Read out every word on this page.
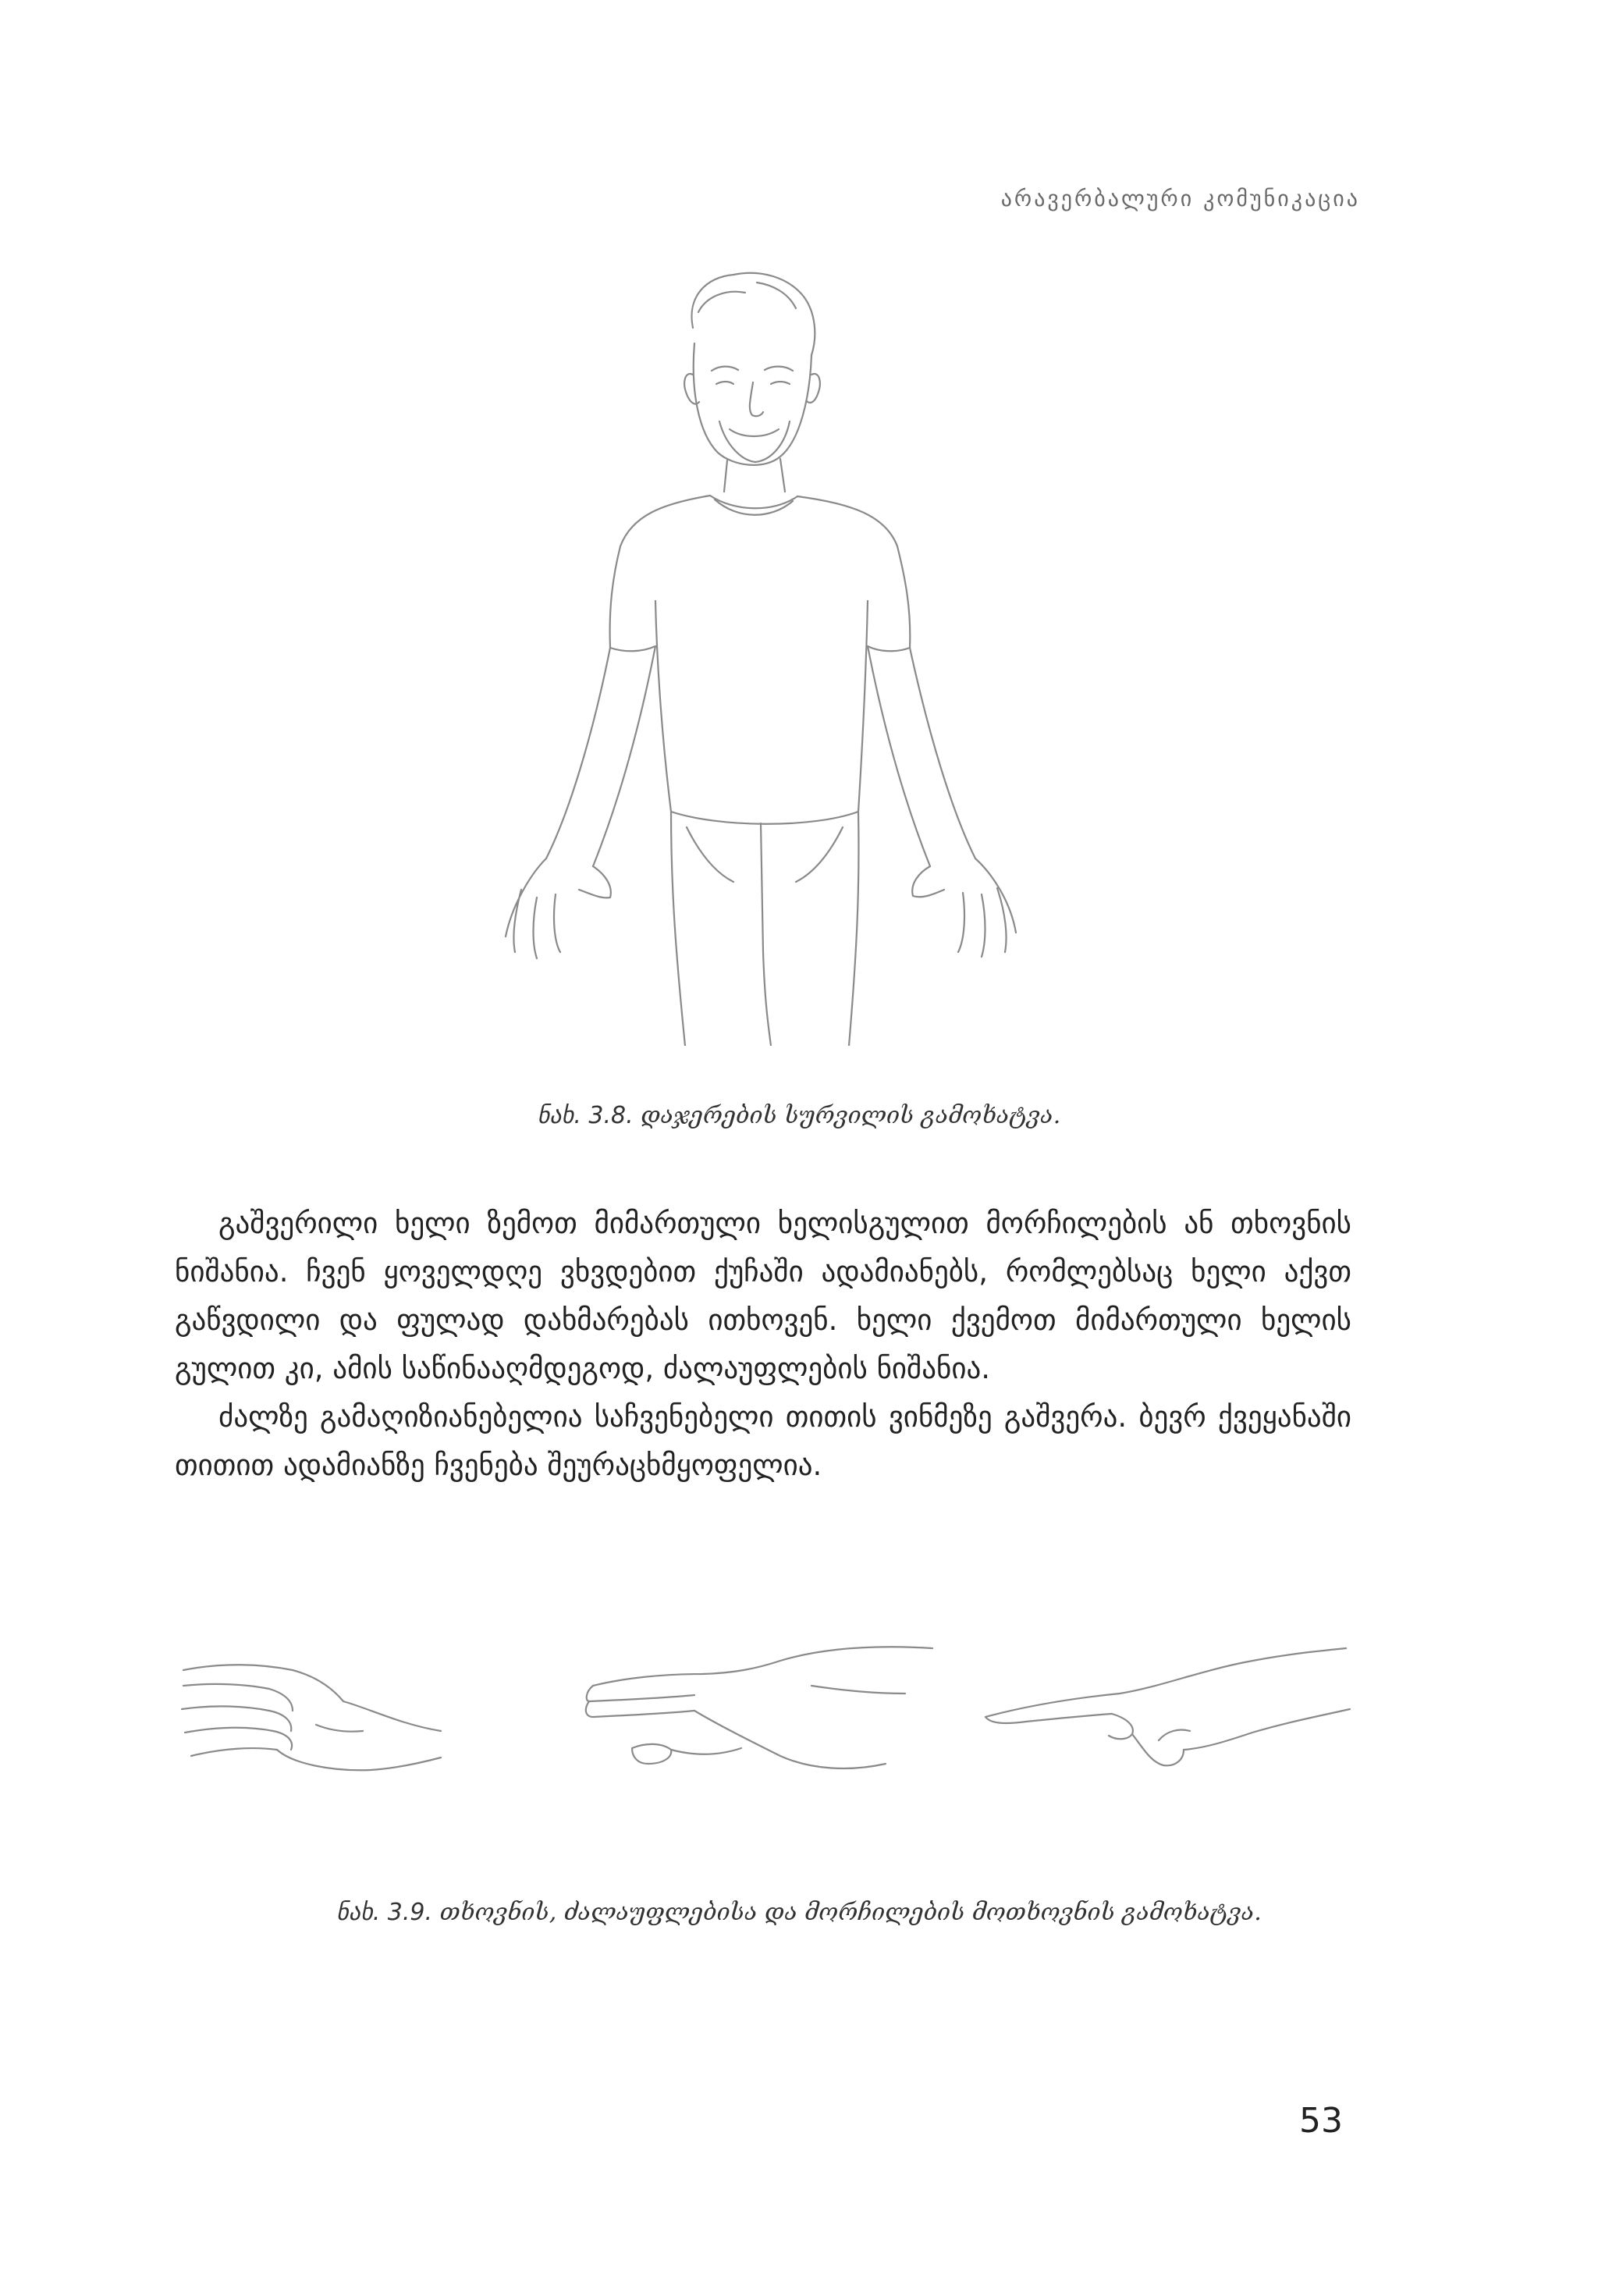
არავერბალური კომუნიკაცია
ნახ. 3.8. დაჯერების სურვილის გამოხატვა.

გაშვერილი ხელი ზემოთ მიმართული ხელისგულით მორჩილების ან თხოვნის ნიშანია. ჩვენ ყოველდღე ვხვდებით ქუჩაში ადამიანებს, რომლებსაც ხელი აქვთ გაწვდილი და ფულად დახმარებას ითხოვენ. ხელი ქვემოთ მიმართული ხელის გულით კი, ამის საწინააღმდეგოდ, ძალაუფლების ნიშანია.

ძალზე გამაღიზიანებელია საჩვენებელი თითის ვინმეზე გაშვერა. ბევრ ქვეყანაში თითით ადამიანზე ჩვენება შეურაცხმყოფელია.

ნახ. 3.9. თხოვნის, ძალაუფლებისა და მორჩილების მოთხოვნის გამოხატვა.
53
